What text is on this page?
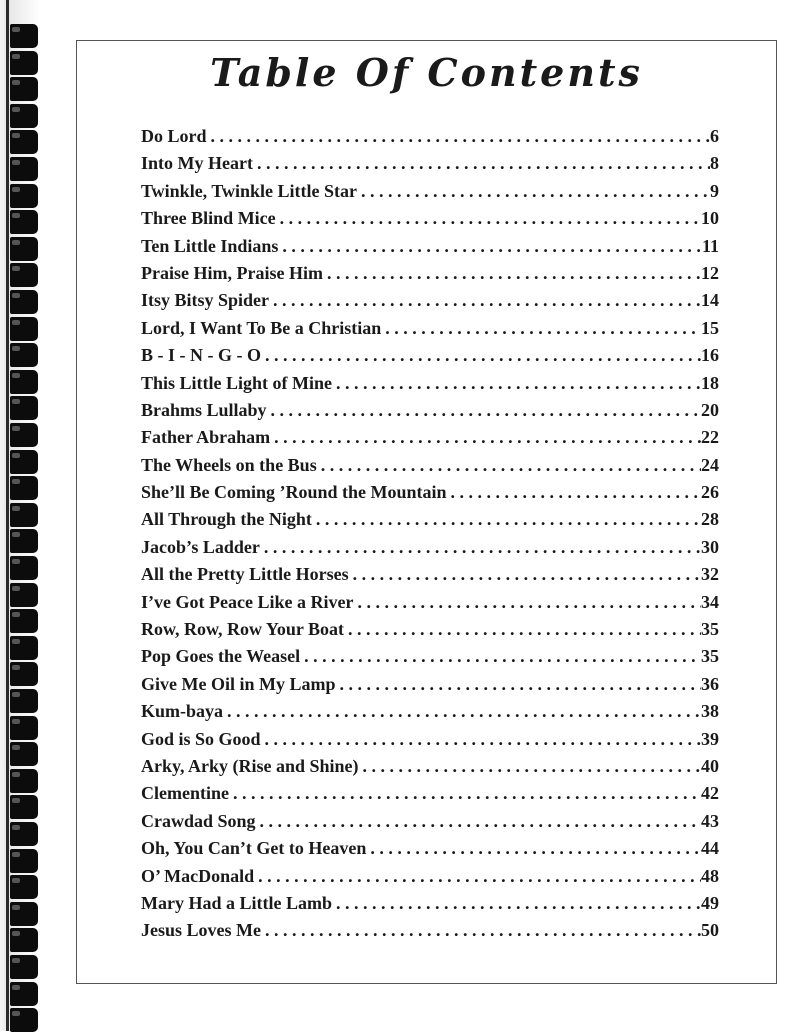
Table Of Contents
Do Lord . . .	6
Into My Heart . . .	8
Twinkle, Twinkle Little Star . . .	9
Three Blind Mice . . .	10
Ten Little Indians . . .	11
Praise Him, Praise Him . . .	12
Itsy Bitsy Spider . . .	14
Lord, I Want To Be a Christian . . .	15
B - I - N - G - O . . .	16
This Little Light of Mine . . .	18
Brahms Lullaby . . .	20
Father Abraham . . .	22
The Wheels on the Bus . . .	24
She’ll Be Coming ’Round the Mountain . . .	26
All Through the Night . . .	28
Jacob’s Ladder . . .	30
All the Pretty Little Horses . . .	32
I’ve Got Peace Like a River . . .	34
Row, Row, Row Your Boat . . .	35
Pop Goes the Weasel . . .	35
Give Me Oil in My Lamp . . .	36
Kum-baya . . .	38
God is So Good . . .	39
Arky, Arky (Rise and Shine) . . .	40
Clementine . . .	42
Crawdad Song . . .	43
Oh, You Can’t Get to Heaven . . .	44
O’ MacDonald . . .	48
Mary Had a Little Lamb . . .	49
Jesus Loves Me . . .	50
